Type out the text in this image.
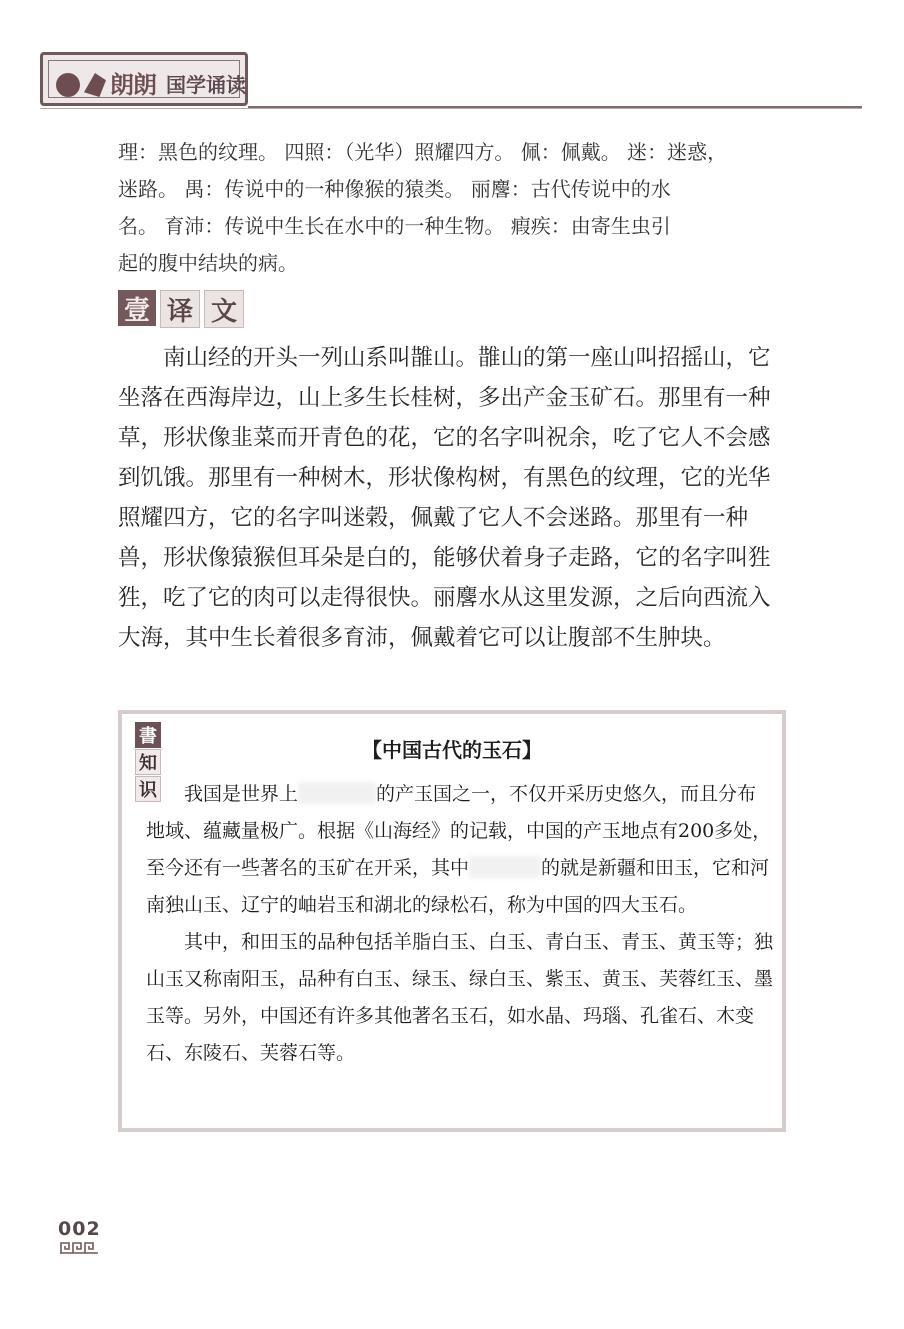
朗朗 国学诵读

理：黑色的纹理。 四照：（光华）照耀四方。 佩：佩戴。 迷：迷惑，

迷路。 禺：传说中的一种像猴的猿类。 丽麐：古代传说中的水

名。 育沛：传说中生长在水中的一种生物。 瘕疾：由寄生虫引

起的腹中结块的病。

壹 译 文

南山经的开头一列山系叫䧿山。䧿山的第一座山叫招摇山，它坐落在西海岸边，山上多生长桂树，多出产金玉矿石。那里有一种草，形状像韭菜而开青色的花，它的名字叫祝余，吃了它人不会感到饥饿。那里有一种树木，形状像构树，有黑色的纹理，它的光华照耀四方，它的名字叫迷榖，佩戴了它人不会迷路。那里有一种兽，形状像猿猴但耳朵是白的，能够伏着身子走路，它的名字叫狌狌，吃了它的肉可以走得很快。丽麐水从这里发源，之后向西流入大海，其中生长着很多育沛，佩戴着它可以让腹部不生肿块。

書
知
识
【中国古代的玉石】

我国是世界上	的产玉国之一，不仅开采历史悠久，而且分布地域、蕴藏量极广。根据《山海经》的记载，中国的产玉地点有200多处，至今还有一些著名的玉矿在开采，其中	的就是新疆和田玉，它和河南独山玉、辽宁的岫岩玉和湖北的绿松石，称为中国的四大玉石。

其中，和田玉的品种包括羊脂白玉、白玉、青白玉、青玉、黄玉等；独山玉又称南阳玉，品种有白玉、绿玉、绿白玉、紫玉、黄玉、芙蓉红玉、墨玉等。另外，中国还有许多其他著名玉石，如水晶、玛瑙、孔雀石、木变石、东陵石、芙蓉石等。

002
